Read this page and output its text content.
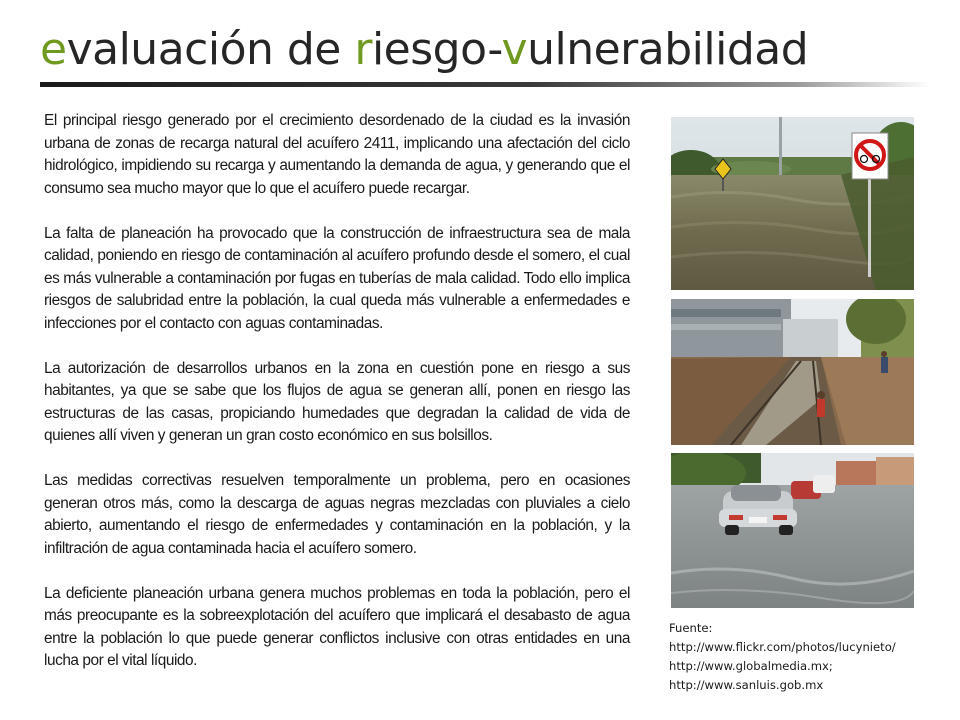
evaluación de riesgo-vulnerabilidad

El principal riesgo generado por el crecimiento desordenado de la ciudad es la invasión urbana de zonas de recarga natural del acuífero 2411, implicando una afectación del ciclo hidrológico, impidiendo su recarga y aumentando la demanda de agua, y generando que el consumo sea mucho mayor que lo que el acuífero puede recargar.

La falta de planeación ha provocado que la construcción de infraestructura sea de mala calidad, poniendo en riesgo de contaminación al acuífero profundo desde el somero, el cual es más vulnerable a contaminación por fugas en tuberías de mala calidad. Todo ello implica riesgos de salubridad entre la población, la cual queda más vulnerable a enfermedades e infecciones por el contacto con aguas contaminadas.

La autorización de desarrollos urbanos en la zona en cuestión pone en riesgo a sus habitantes, ya que se sabe que los flujos de agua se generan allí, ponen en riesgo las estructuras de las casas, propiciando humedades que degradan la calidad de vida de quienes allí viven y generan un gran costo económico en sus bolsillos.

Las medidas correctivas resuelven temporalmente un problema, pero en ocasiones generan otros más, como la descarga de aguas negras mezcladas con pluviales a cielo abierto, aumentando el riesgo de enfermedades y contaminación en la población, y la infiltración de agua contaminada hacia el acuífero somero.

La deficiente planeación urbana genera muchos problemas en toda la población, pero el más preocupante es la sobreexplotación del acuífero que implicará el desabasto de agua entre la población lo que puede generar conflictos inclusive con otras entidades en una lucha por el vital líquido.

Fuente:
http://www.flickr.com/photos/lucynieto/
http://www.globalmedia.mx;
http://www.sanluis.gob.mx
